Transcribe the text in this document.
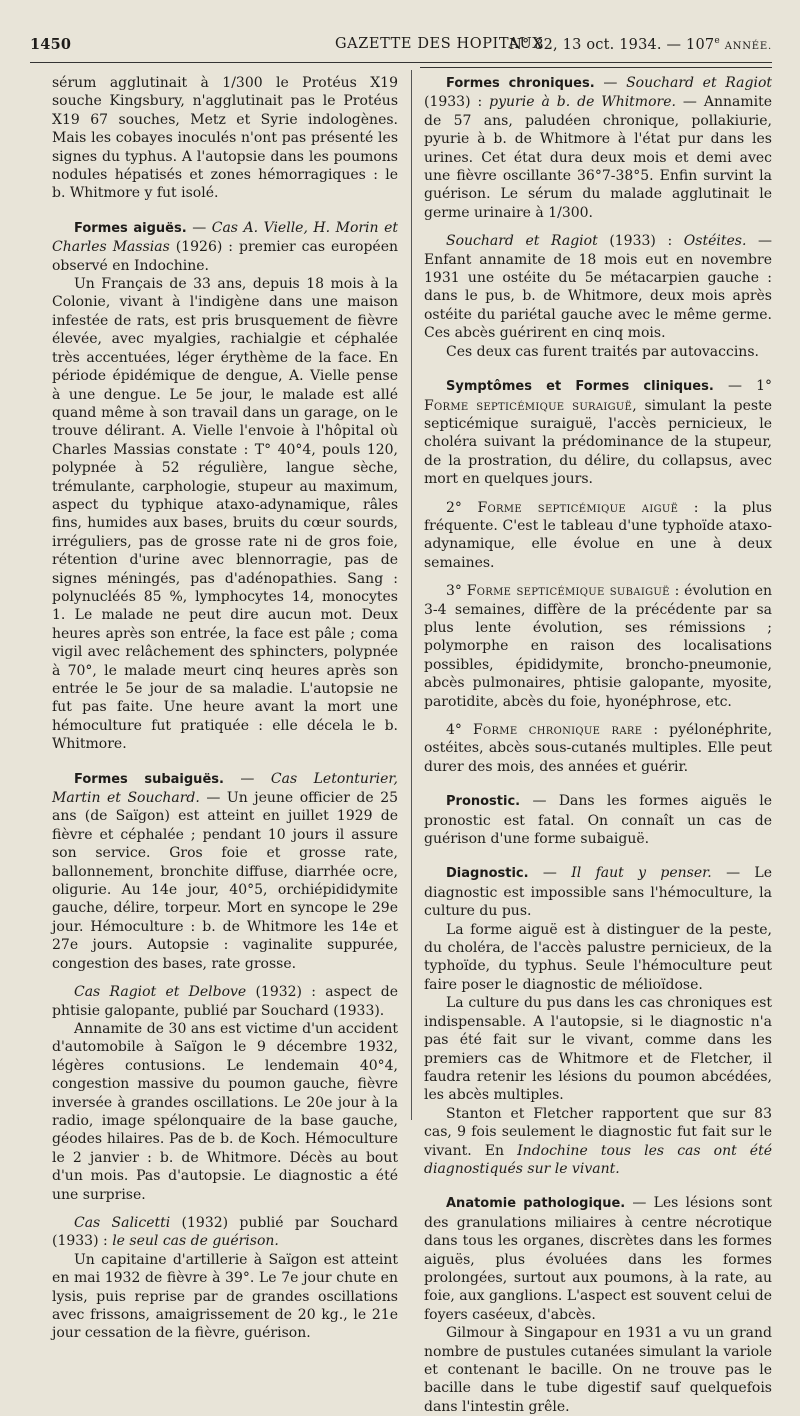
1450	GAZETTE DES HOPITAUX
N° 82, 13 oct. 1934. — 107e ANNÉE.

sérum agglutinait à 1/300 le Protéus X19 souche Kingsbury, n'agglutinait pas le Protéus X19 67 souches, Metz et Syrie indologènes. Mais les cobayes inoculés n'ont pas présenté les signes du typhus. A l'autopsie dans les poumons nodules hépatisés et zones hémorragiques : le b. Whitmore y fut isolé.

Formes aiguës. — Cas A. Vielle, H. Morin et Charles Massias (1926) : premier cas européen observé en Indochine.

Un Français de 33 ans, depuis 18 mois à la Colonie, vivant à l'indigène dans une maison infestée de rats, est pris brusquement de fièvre élevée, avec myalgies, rachialgie et céphalée très accentuées, léger érythème de la face. En période épidémique de dengue, A. Vielle pense à une dengue. Le 5e jour, le malade est allé quand même à son travail dans un garage, on le trouve délirant. A. Vielle l'envoie à l'hôpital où Charles Massias constate : T° 40°4, pouls 120, polypnée à 52 régulière, langue sèche, trémulante, carphologie, stupeur au maximum, aspect du typhique ataxo-adynamique, râles fins, humides aux bases, bruits du cœur sourds, irréguliers, pas de grosse rate ni de gros foie, rétention d'urine avec blennorragie, pas de signes méningés, pas d'adénopathies. Sang : polynucléés 85 %, lymphocytes 14, monocytes 1. Le malade ne peut dire aucun mot. Deux heures après son entrée, la face est pâle ; coma vigil avec relâchement des sphincters, polypnée à 70°, le malade meurt cinq heures après son entrée le 5e jour de sa maladie. L'autopsie ne fut pas faite. Une heure avant la mort une hémoculture fut pratiquée : elle décela le b. Whitmore.

Formes subaiguës. — Cas Letonturier, Martin et Souchard. — Un jeune officier de 25 ans (de Saïgon) est atteint en juillet 1929 de fièvre et céphalée ; pendant 10 jours il assure son service. Gros foie et grosse rate, ballonnement, bronchite diffuse, diarrhée ocre, oligurie. Au 14e jour, 40°5, orchiépididymite gauche, délire, torpeur. Mort en syncope le 29e jour. Hémoculture : b. de Whitmore les 14e et 27e jours. Autopsie : vaginalite suppurée, congestion des bases, rate grosse.

Cas Ragiot et Delbove (1932) : aspect de phtisie galopante, publié par Souchard (1933).

Annamite de 30 ans est victime d'un accident d'automobile à Saïgon le 9 décembre 1932, légères contusions. Le lendemain 40°4, congestion massive du poumon gauche, fièvre inversée à grandes oscillations. Le 20e jour à la radio, image spélonquaire de la base gauche, géodes hilaires. Pas de b. de Koch. Hémoculture le 2 janvier : b. de Whitmore. Décès au bout d'un mois. Pas d'autopsie. Le diagnostic a été une surprise.

Cas Salicetti (1932) publié par Souchard (1933) : le seul cas de guérison.

Un capitaine d'artillerie à Saïgon est atteint en mai 1932 de fièvre à 39°. Le 7e jour chute en lysis, puis reprise par de grandes oscillations avec frissons, amaigrissement de 20 kg., le 21e jour cessation de la fièvre, guérison.

Formes chroniques. — Souchard et Ragiot (1933) : pyurie à b. de Whitmore. — Annamite de 57 ans, paludéen chronique, pollakiurie, pyurie à b. de Whitmore à l'état pur dans les urines. Cet état dura deux mois et demi avec une fièvre oscillante 36°7-38°5. Enfin survint la guérison. Le sérum du malade agglutinait le germe urinaire à 1/300.

Souchard et Ragiot (1933) : Ostéites. — Enfant annamite de 18 mois eut en novembre 1931 une ostéite du 5e métacarpien gauche : dans le pus, b. de Whitmore, deux mois après ostéite du pariétal gauche avec le même germe. Ces abcès guérirent en cinq mois.

Ces deux cas furent traités par autovaccins.

Symptômes et Formes cliniques. — 1° Forme septicémique suraiguë, simulant la peste septicémique suraiguë, l'accès pernicieux, le choléra suivant la prédominance de la stupeur, de la prostration, du délire, du collapsus, avec mort en quelques jours.

2° Forme septicémique aiguë : la plus fréquente. C'est le tableau d'une typhoïde ataxo-adynamique, elle évolue en une à deux semaines.

3° Forme septicémique subaiguë : évolution en 3-4 semaines, diffère de la précédente par sa plus lente évolution, ses rémissions ; polymorphe en raison des localisations possibles, épididymite, broncho-pneumonie, abcès pulmonaires, phtisie galopante, myosite, parotidite, abcès du foie, hyonéphrose, etc.

4° Forme chronique rare : pyélonéphrite, ostéites, abcès sous-cutanés multiples. Elle peut durer des mois, des années et guérir.

Pronostic. — Dans les formes aiguës le pronostic est fatal. On connaît un cas de guérison d'une forme subaiguë.

Diagnostic. — Il faut y penser. — Le diagnostic est impossible sans l'hémoculture, la culture du pus.

La forme aiguë est à distinguer de la peste, du choléra, de l'accès palustre pernicieux, de la typhoïde, du typhus. Seule l'hémoculture peut faire poser le diagnostic de mélioïdose.

La culture du pus dans les cas chroniques est indispensable. A l'autopsie, si le diagnostic n'a pas été fait sur le vivant, comme dans les premiers cas de Whitmore et de Fletcher, il faudra retenir les lésions du poumon abcédées, les abcès multiples.

Stanton et Fletcher rapportent que sur 83 cas, 9 fois seulement le diagnostic fut fait sur le vivant. En Indochine tous les cas ont été diagnostiqués sur le vivant.

Anatomie pathologique. — Les lésions sont des granulations miliaires à centre nécrotique dans tous les organes, discrètes dans les formes aiguës, plus évoluées dans les formes prolongées, surtout aux poumons, à la rate, au foie, aux ganglions. L'aspect est souvent celui de foyers caséeux, d'abcès.

Gilmour à Singapour en 1931 a vu un grand nombre de pustules cutanées simulant la variole et contenant le bacille. On ne trouve pas le bacille dans le tube digestif sauf quelquefois dans l'intestin grêle.
